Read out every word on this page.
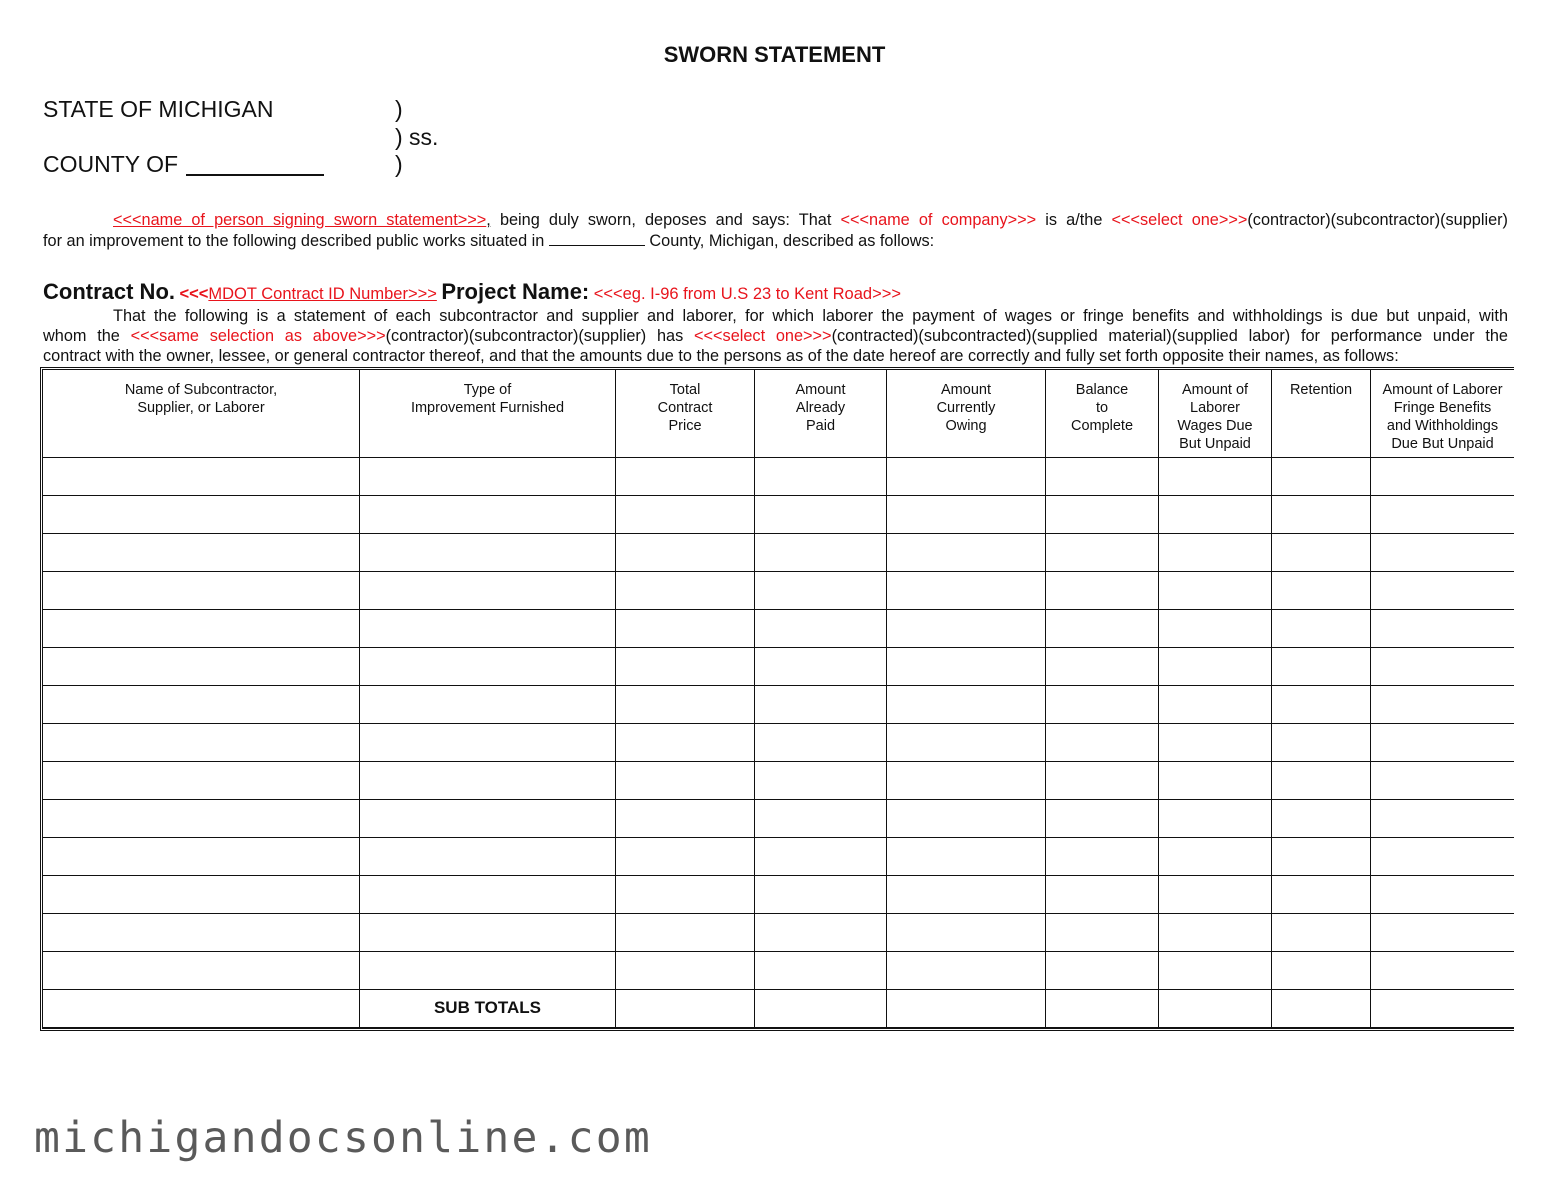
SWORN STATEMENT
STATE OF MICHIGAN
COUNTY OF
)
) ss.
)
<<<name of person signing sworn statement>>>, being duly sworn, deposes and says: That <<<name of company>>> is a/the <<<select one>>>(contractor)(subcontractor)(supplier)
for an improvement to the following described public works situated in	County, Michigan, described as follows:
Contract No. <<<MDOT Contract ID Number>>> Project Name: <<<eg. I-96 from U.S 23 to Kent Road>>>
That the following is a statement of each subcontractor and supplier and laborer, for which laborer the payment of wages or fringe benefits and withholdings is due but unpaid, with
whom the <<<same selection as above>>>(contractor)(subcontractor)(supplier) has <<<select one>>>(contracted)(subcontracted)(supplied material)(supplied labor) for performance under the
contract with the owner, lessee, or general contractor thereof, and that the amounts due to the persons as of the date hereof are correctly and fully set forth opposite their names, as follows:
Name of Subcontractor,
Supplier, or Laborer
Type of
Improvement Furnished
Total
Contract
Price
Amount
Already
Paid
Amount
Currently
Owing
Balance
to
Complete
Amount of
Laborer
Wages Due
But Unpaid
Retention	Amount of Laborer
Fringe Benefits
and Withholdings
Due But Unpaid
SUB TOTALS
michigandocsonline.com
